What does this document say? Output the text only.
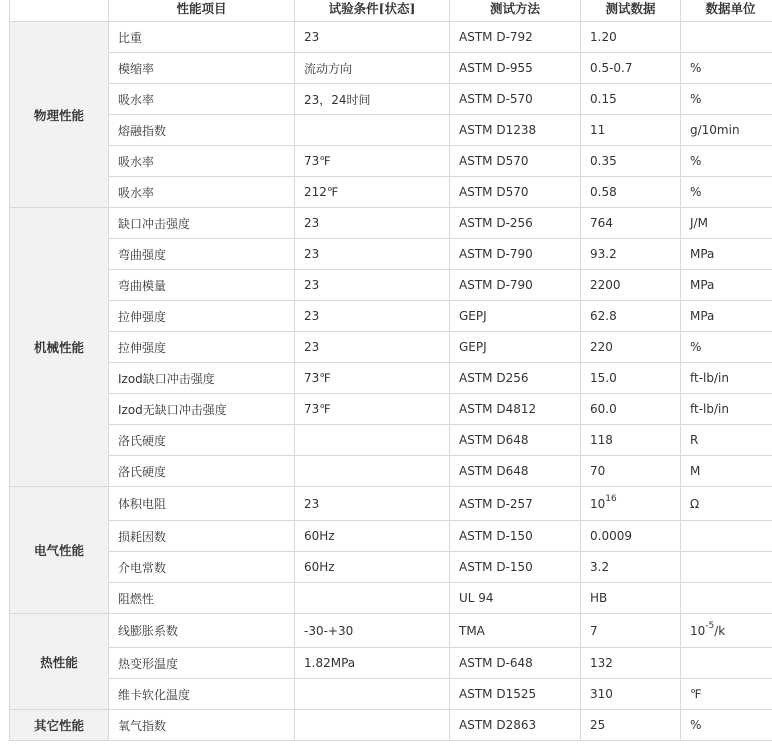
	性能项目	试验条件[状态]	测试方法	测试数据	数据单位
物理性能	比重	23	ASTM D-792	1.20	
	模缩率	流动方向	ASTM D-955	0.5-0.7	%
	吸水率	23，24时间	ASTM D-570	0.15	%
	熔融指数		ASTM D1238	11	g/10min
	吸水率	73℉	ASTM D570	0.35	%
	吸水率	212℉	ASTM D570	0.58	%
机械性能	缺口冲击强度	23	ASTM D-256	764	J/M
	弯曲强度	23	ASTM D-790	93.2	MPa
	弯曲模量	23	ASTM D-790	2200	MPa
	拉伸强度	23	GEPJ	62.8	MPa
	拉伸强度	23	GEPJ	220	%
	Izod缺口冲击强度	73℉	ASTM D256	15.0	ft-lb/in
	Izod无缺口冲击强度	73℉	ASTM D4812	60.0	ft-lb/in
	洛氏硬度		ASTM D648	118	R
	洛氏硬度		ASTM D648	70	M
电气性能	体积电阻	23	ASTM D-257	$10^{16}$	Ω
	损耗因数	60Hz	ASTM D-150	0.0009	
	介电常数	60Hz	ASTM D-150	3.2	
	阻燃性		UL 94	HB	
热性能	线膨胀系数	-30-+30	TMA	7	$10^{-5}/k$
	热变形温度	1.82MPa	ASTM D-648	132	
	维卡软化温度		ASTM D1525	310	℉
其它性能	氧气指数		ASTM D2863	25	%
